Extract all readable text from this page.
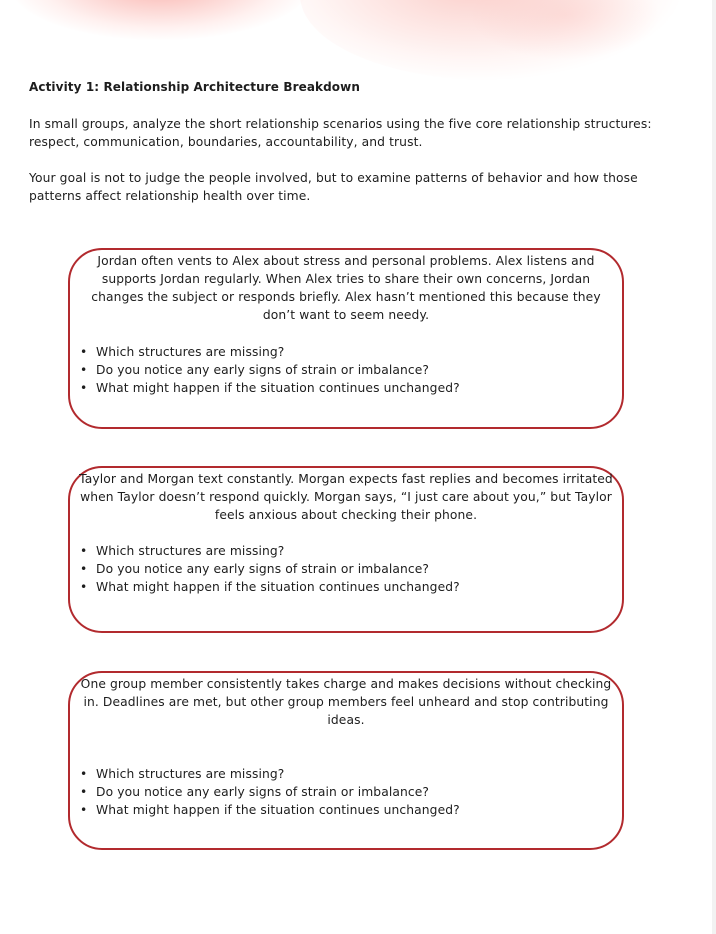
Activity 1: Relationship Architecture Breakdown

In small groups, analyze the short relationship scenarios using the five core relationship structures: respect, communication, boundaries, accountability, and trust.

Your goal is not to judge the people involved, but to examine patterns of behavior and how those patterns affect relationship health over time.

Jordan often vents to Alex about stress and personal problems. Alex listens and supports Jordan regularly. When Alex tries to share their own concerns, Jordan changes the subject or responds briefly. Alex hasn’t mentioned this because they don’t want to seem needy.

• Which structures are missing?
• Do you notice any early signs of strain or imbalance?
• What might happen if the situation continues unchanged?

Taylor and Morgan text constantly. Morgan expects fast replies and becomes irritated when Taylor doesn’t respond quickly. Morgan says, “I just care about you,” but Taylor feels anxious about checking their phone.

• Which structures are missing?
• Do you notice any early signs of strain or imbalance?
• What might happen if the situation continues unchanged?

One group member consistently takes charge and makes decisions without checking in. Deadlines are met, but other group members feel unheard and stop contributing ideas.

• Which structures are missing?
• Do you notice any early signs of strain or imbalance?
• What might happen if the situation continues unchanged?
